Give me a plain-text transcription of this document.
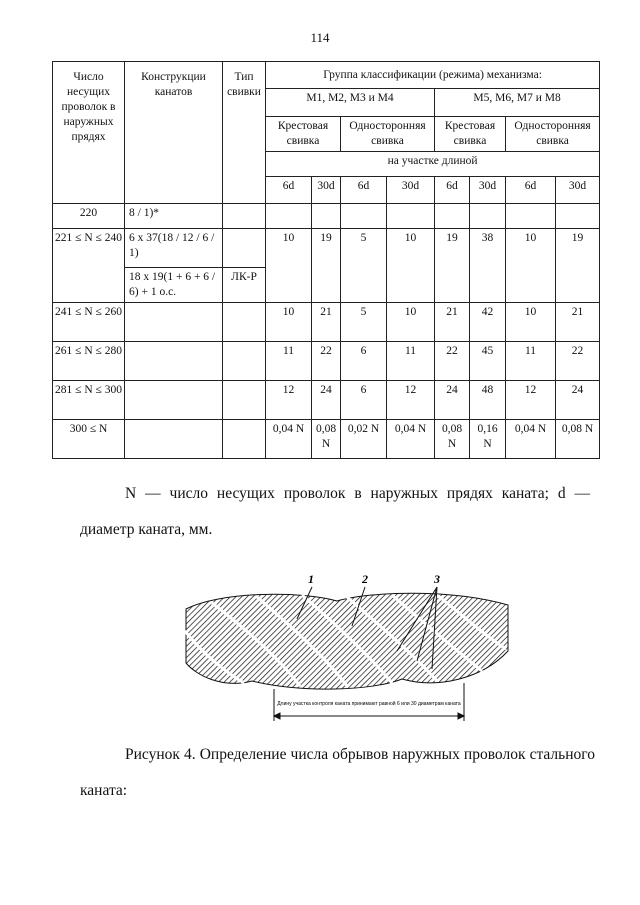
114
Число несущих проволок в наружных прядях	Конструкции канатов	Тип свивки	Группа классификации (режима) механизма:							
			М1, М2, М3 и М4				М5, М6, М7 и М8			
			Крестовая свивка		Односторонняя свивка		Крестовая свивка		Односторонняя свивка	
			на участке длиной							
			6d	30d	6d	30d	6d	30d	6d	30d
220	8 / 1)*									
221 ≤ N ≤ 240	6 x 37(18 / 12 / 6 / 1)		10	19	5	10	19	38	10	19
	18 x 19(1 + 6 + 6 / 6) + 1 о.с.	ЛК-Р								
241 ≤ N ≤ 260			10	21	5	10	21	42	10	21
261 ≤ N ≤ 280			11	22	6	11	22	45	11	22
281 ≤ N ≤ 300			12	24	6	12	24	48	12	24
300 ≤ N			0,04 N	0,08 N	0,02 N	0,04 N	0,08 N	0,16 N	0,04 N	0,08 N
N — число несущих проволок в наружных прядях каната; d — диаметр каната, мм.
1	2	3
Длину участка контроля каната принимают равной 6 или 30 диаметрам каната
Рисунок 4. Определение числа обрывов наружных проволок стального каната:
